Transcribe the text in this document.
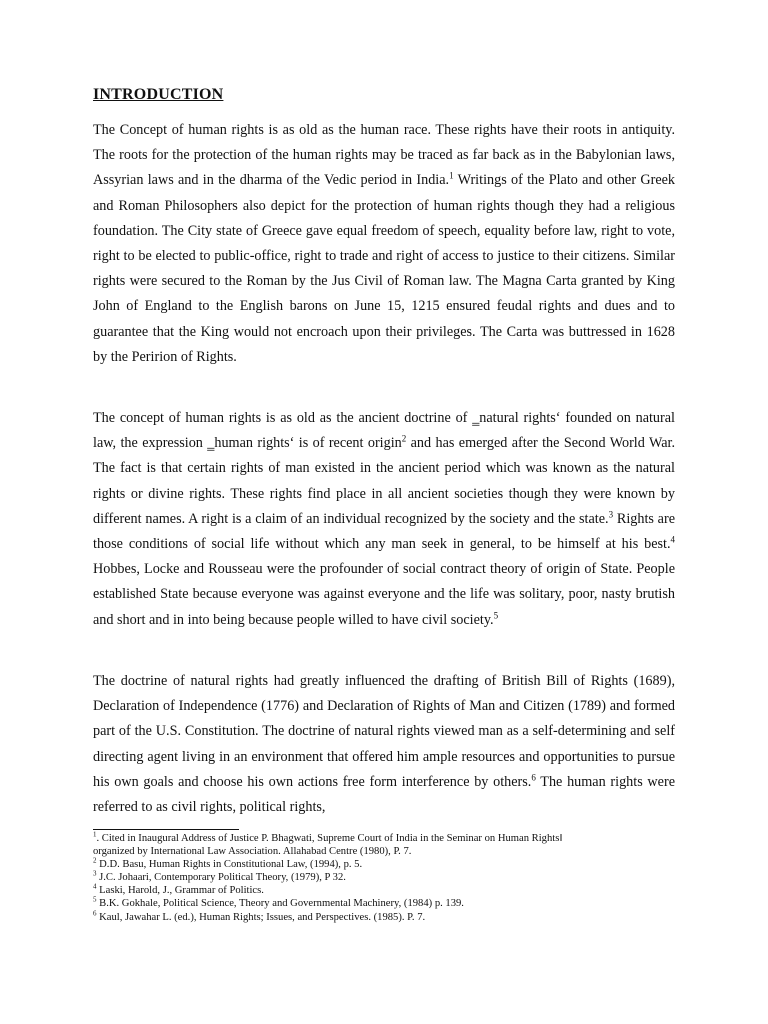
INTRODUCTION

The Concept of human rights is as old as the human race. These rights have their roots in antiquity. The roots for the protection of the human rights may be traced as far back as in the Babylonian laws, Assyrian laws and in the dharma of the Vedic period in India.$^1$ Writings of the Plato and other Greek and Roman Philosophers also depict for the protection of human rights though they had a religious foundation. The City state of Greece gave equal freedom of speech, equality before law, right to vote, right to be elected to public-office, right to trade and right of access to justice to their citizens. Similar rights were secured to the Roman by the Jus Civil of Roman law. The Magna Carta granted by King John of England to the English barons on June 15, 1215 ensured feudal rights and dues and to guarantee that the King would not encroach upon their privileges. The Carta was buttressed in 1628 by the Peririon of Rights.

The concept of human rights is as old as the ancient doctrine of ‗natural rights‘ founded on natural law, the expression ‗human rights‘ is of recent origin$^2$ and has emerged after the Second World War. The fact is that certain rights of man existed in the ancient period which was known as the natural rights or divine rights. These rights find place in all ancient societies though they were known by different names. A right is a claim of an individual recognized by the society and the state.$^3$ Rights are those conditions of social life without which any man seek in general, to be himself at his best.$^4$ Hobbes, Locke and Rousseau were the profounder of social contract theory of origin of State. People established State because everyone was against everyone and the life was solitary, poor, nasty brutish and short and in into being because people willed to have civil society.$^5$

The doctrine of natural rights had greatly influenced the drafting of British Bill of Rights (1689), Declaration of Independence (1776) and Declaration of Rights of Man and Citizen (1789) and formed part of the U.S. Constitution. The doctrine of natural rights viewed man as a self-determining and self directing agent living in an environment that offered him ample resources and opportunities to pursue his own goals and choose his own actions free form interference by others.$^6$ The human rights were referred to as civil rights, political rights,

$^1$. Cited in Inaugural Address of Justice P. Bhagwati, Supreme Court of India in the Seminar on Human Rights‖
organized by International Law Association. Allahabad Centre (1980), P. 7.
$^2$ D.D. Basu, Human Rights in Constitutional Law, (1994), p. 5.
$^3$ J.C. Johaari, Contemporary Political Theory, (1979), P 32.
$^4$ Laski, Harold, J., Grammar of Politics.
$^5$ B.K. Gokhale, Political Science, Theory and Governmental Machinery, (1984) p. 139.
$^6$ Kaul, Jawahar L. (ed.), Human Rights; Issues, and Perspectives. (1985). P. 7.
